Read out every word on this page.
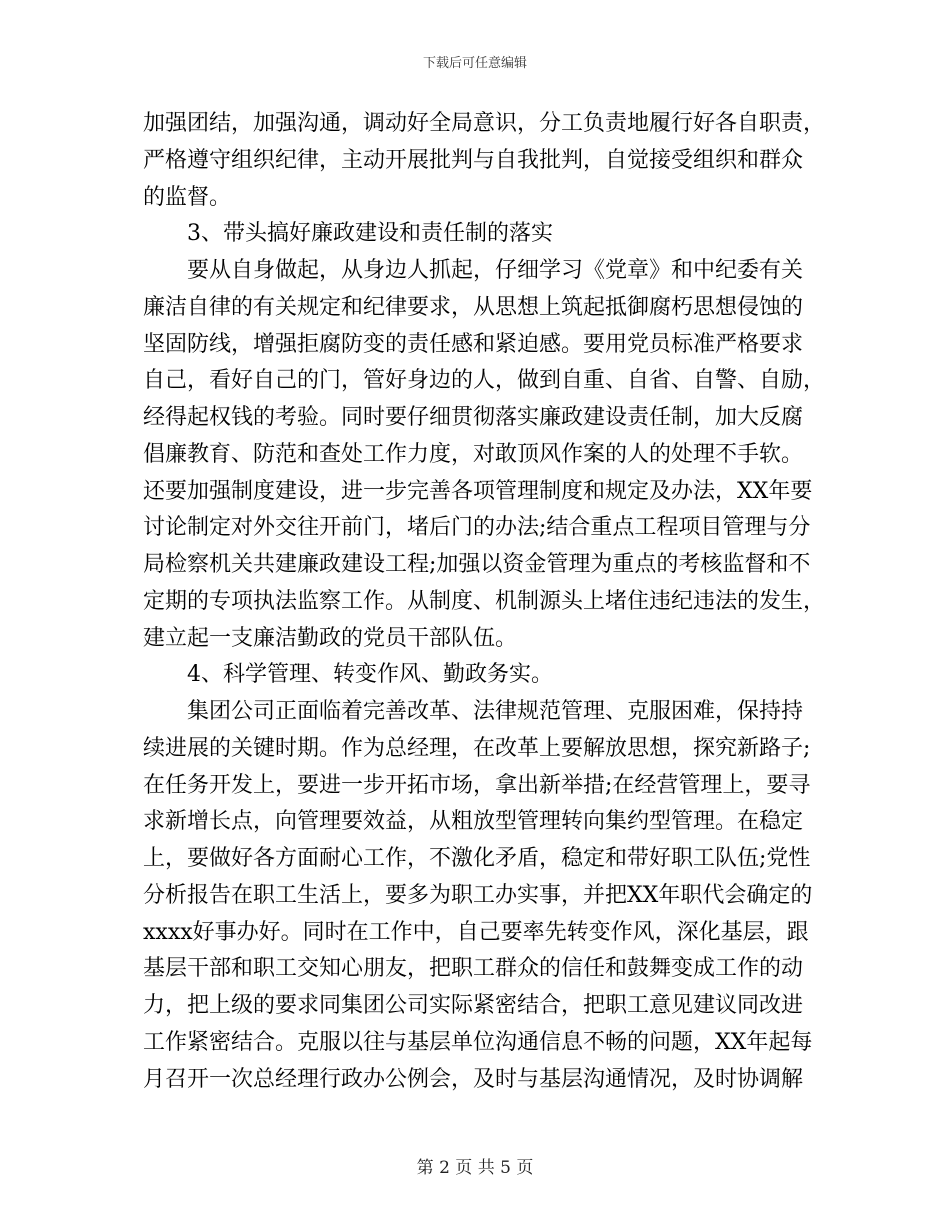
下载后可任意编辑
加强团结，加强沟通，调动好全局意识，分工负责地履行好各自职责，
严格遵守组织纪律，主动开展批判与自我批判，自觉接受组织和群众
的监督。
3、带头搞好廉政建设和责任制的落实
要从自身做起，从身边人抓起，仔细学习《党章》和中纪委有关
廉洁自律的有关规定和纪律要求，从思想上筑起抵御腐朽思想侵蚀的
坚固防线，增强拒腐防变的责任感和紧迫感。要用党员标准严格要求
自己，看好自己的门，管好身边的人，做到自重、自省、自警、自励，
经得起权钱的考验。同时要仔细贯彻落实廉政建设责任制，加大反腐
倡廉教育、防范和查处工作力度，对敢顶风作案的人的处理不手软。
还要加强制度建设，进一步完善各项管理制度和规定及办法，XX年要
讨论制定对外交往开前门，堵后门的办法;结合重点工程项目管理与分
局检察机关共建廉政建设工程;加强以资金管理为重点的考核监督和不
定期的专项执法监察工作。从制度、机制源头上堵住违纪违法的发生，
建立起一支廉洁勤政的党员干部队伍。
4、科学管理、转变作风、勤政务实。
集团公司正面临着完善改革、法律规范管理、克服困难，保持持
续进展的关键时期。作为总经理，在改革上要解放思想，探究新路子;
在任务开发上，要进一步开拓市场，拿出新举措;在经营管理上，要寻
求新增长点，向管理要效益，从粗放型管理转向集约型管理。在稳定
上，要做好各方面耐心工作，不激化矛盾，稳定和带好职工队伍;党性
分析报告在职工生活上，要多为职工办实事，并把XX年职代会确定的
xxxx好事办好。同时在工作中，自己要率先转变作风，深化基层，跟
基层干部和职工交知心朋友，把职工群众的信任和鼓舞变成工作的动
力，把上级的要求同集团公司实际紧密结合，把职工意见建议同改进
工作紧密结合。克服以往与基层单位沟通信息不畅的问题，XX年起每
月召开一次总经理行政办公例会，及时与基层沟通情况，及时协调解
第 2 页 共 5 页
